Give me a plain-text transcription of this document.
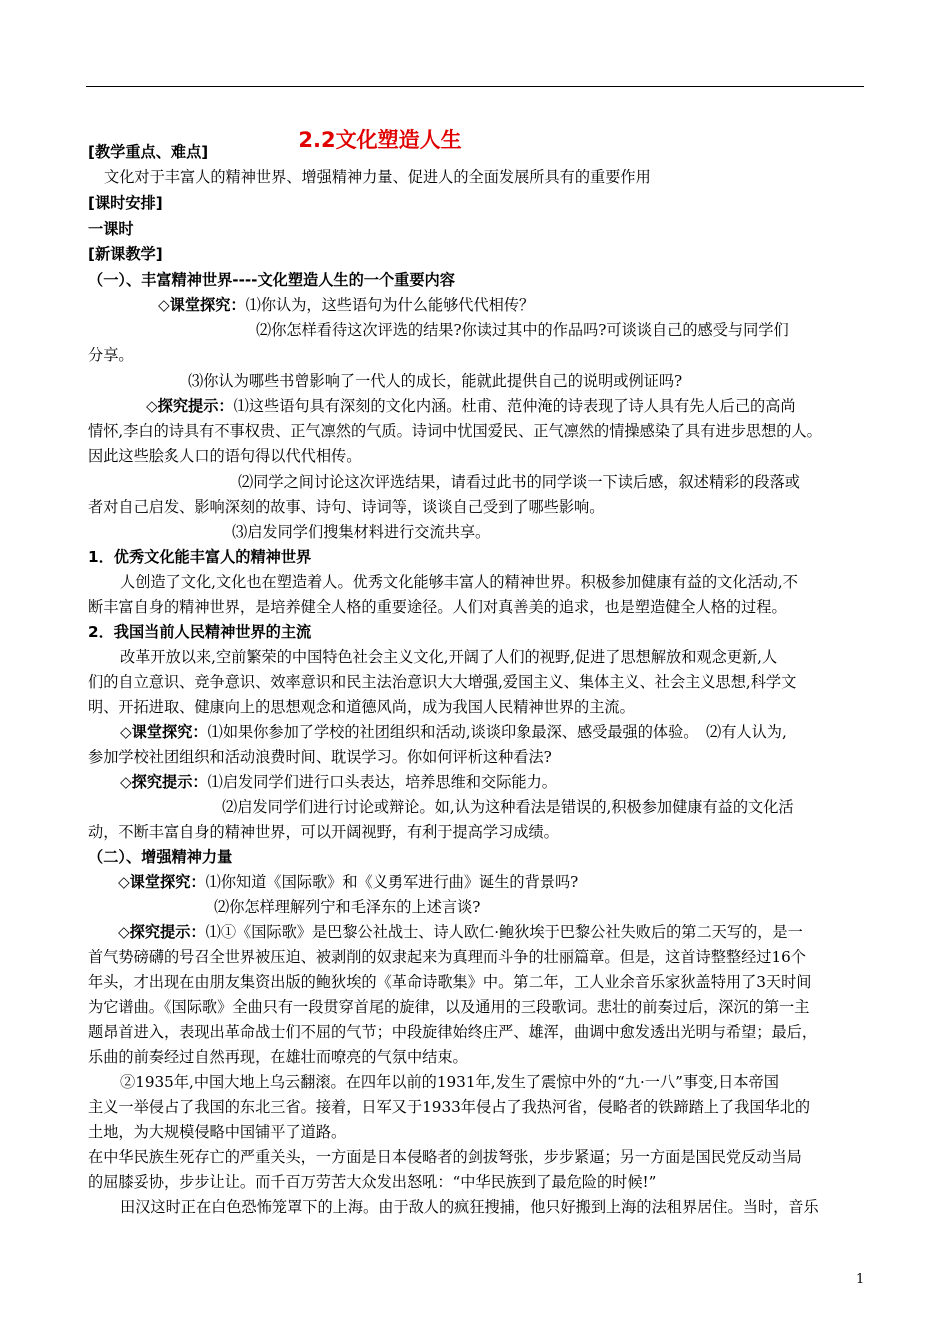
2.2文化塑造人生
[教学重点、难点]
文化对于丰富人的精神世界、增强精神力量、促进人的全面发展所具有的重要作用
[课时安排]
一课时
[新课教学]
（一）、丰富精神世界----文化塑造人生的一个重要内容
◇课堂探究：⑴你认为，这些语句为什么能够代代相传？
⑵你怎样看待这次评选的结果?你读过其中的作品吗?可谈谈自己的感受与同学们
分享。
⑶你认为哪些书曾影响了一代人的成长，能就此提供自己的说明或例证吗?
◇探究提示：⑴这些语句具有深刻的文化内涵。杜甫、范仲淹的诗表现了诗人具有先人后己的高尚
情怀,李白的诗具有不事权贵、正气凛然的气质。诗词中忧国爱民、正气凛然的情操感染了具有进步思想的人。
因此这些脍炙人口的语句得以代代相传。
⑵同学之间讨论这次评选结果，请看过此书的同学谈一下读后感，叙述精彩的段落或
者对自己启发、影响深刻的故事、诗句、诗词等，谈谈自己受到了哪些影响。
⑶启发同学们搜集材料进行交流共享。
1．优秀文化能丰富人的精神世界
人创造了文化,文化也在塑造着人。优秀文化能够丰富人的精神世界。积极参加健康有益的文化活动,不
断丰富自身的精神世界，是培养健全人格的重要途径。人们对真善美的追求，也是塑造健全人格的过程。
2．我国当前人民精神世界的主流
改革开放以来,空前繁荣的中国特色社会主义文化,开阔了人们的视野,促进了思想解放和观念更新,人
们的自立意识、竞争意识、效率意识和民主法治意识大大增强,爱国主义、集体主义、社会主义思想,科学文
明、开拓进取、健康向上的思想观念和道德风尚，成为我国人民精神世界的主流。
◇课堂探究：⑴如果你参加了学校的社团组织和活动,谈谈印象最深、感受最强的体验。　⑵有人认为,
参加学校社团组织和活动浪费时间、耽误学习。你如何评析这种看法?
◇探究提示：⑴启发同学们进行口头表达，培养思维和交际能力。
⑵启发同学们进行讨论或辩论。如,认为这种看法是错误的,积极参加健康有益的文化活
动，不断丰富自身的精神世界，可以开阔视野，有利于提高学习成绩。
（二）、增强精神力量
◇课堂探究：⑴你知道《国际歌》和《义勇军进行曲》诞生的背景吗?
⑵你怎样理解列宁和毛泽东的上述言谈?
◇探究提示：⑴①《国际歌》是巴黎公社战士、诗人欧仁·鲍狄埃于巴黎公社失败后的第二天写的，是一
首气势磅礴的号召全世界被压迫、被剥削的奴隶起来为真理而斗争的壮丽篇章。但是，这首诗整整经过16个
年头，才出现在由朋友集资出版的鲍狄埃的《革命诗歌集》中。第二年，工人业余音乐家狄盖特用了3天时间
为它谱曲。《国际歌》全曲只有一段贯穿首尾的旋律，以及通用的三段歌词。悲壮的前奏过后，深沉的第一主
题昂首进入，表现出革命战士们不屈的气节；中段旋律始终庄严、雄浑，曲调中愈发透出光明与希望；最后，
乐曲的前奏经过自然再现，在雄壮而嘹亮的气氛中结束。
②1935年,中国大地上乌云翻滚。在四年以前的1931年,发生了震惊中外的“九·一八”事变,日本帝国
主义一举侵占了我国的东北三省。接着，日军又于1933年侵占了我热河省，侵略者的铁蹄踏上了我国华北的
土地，为大规模侵略中国铺平了道路。
在中华民族生死存亡的严重关头，一方面是日本侵略者的剑拔弩张，步步紧逼；另一方面是国民党反动当局
的屈膝妥协，步步让让。而千百万劳苦大众发出怒吼：“中华民族到了最危险的时候!”
田汉这时正在白色恐怖笼罩下的上海。由于敌人的疯狂搜捕，他只好搬到上海的法租界居住。当时，音乐
1
